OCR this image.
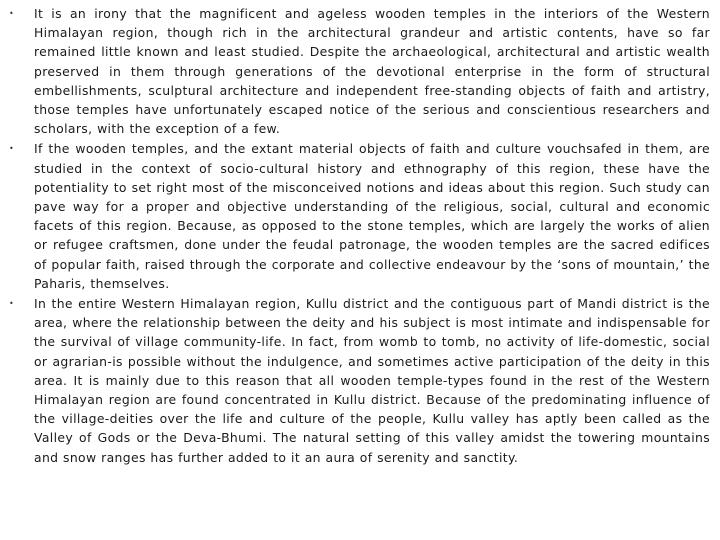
• It is an irony that the magnificent and ageless wooden temples in the interiors of the Western Himalayan region, though rich in the architectural grandeur and artistic contents, have so far remained little known and least studied. Despite the archaeological, architectural and artistic wealth preserved in them through generations of the devotional enterprise in the form of structural embellishments, sculptural architecture and independent free-standing objects of faith and artistry, those temples have unfortunately escaped notice of the serious and conscientious researchers and scholars, with the exception of a few.
• If the wooden temples, and the extant material objects of faith and culture vouchsafed in them, are studied in the context of socio-cultural history and ethnography of this region, these have the potentiality to set right most of the misconceived notions and ideas about this region. Such study can pave way for a proper and objective understanding of the religious, social, cultural and economic facets of this region. Because, as opposed to the stone temples, which are largely the works of alien or refugee craftsmen, done under the feudal patronage, the wooden temples are the sacred edifices of popular faith, raised through the corporate and collective endeavour by the ‘sons of mountain,’ the Paharis, themselves.
• In the entire Western Himalayan region, Kullu district and the contiguous part of Mandi district is the area, where the relationship between the deity and his subject is most intimate and indispensable for the survival of village community-life. In fact, from womb to tomb, no activity of life-domestic, social or agrarian-is possible without the indulgence, and sometimes active participation of the deity in this area. It is mainly due to this reason that all wooden temple-types found in the rest of the Western Himalayan region are found concentrated in Kullu district. Because of the predominating influence of the village-deities over the life and culture of the people, Kullu valley has aptly been called as the Valley of Gods or the Deva-Bhumi. The natural setting of this valley amidst the towering mountains and snow ranges has further added to it an aura of serenity and sanctity.
